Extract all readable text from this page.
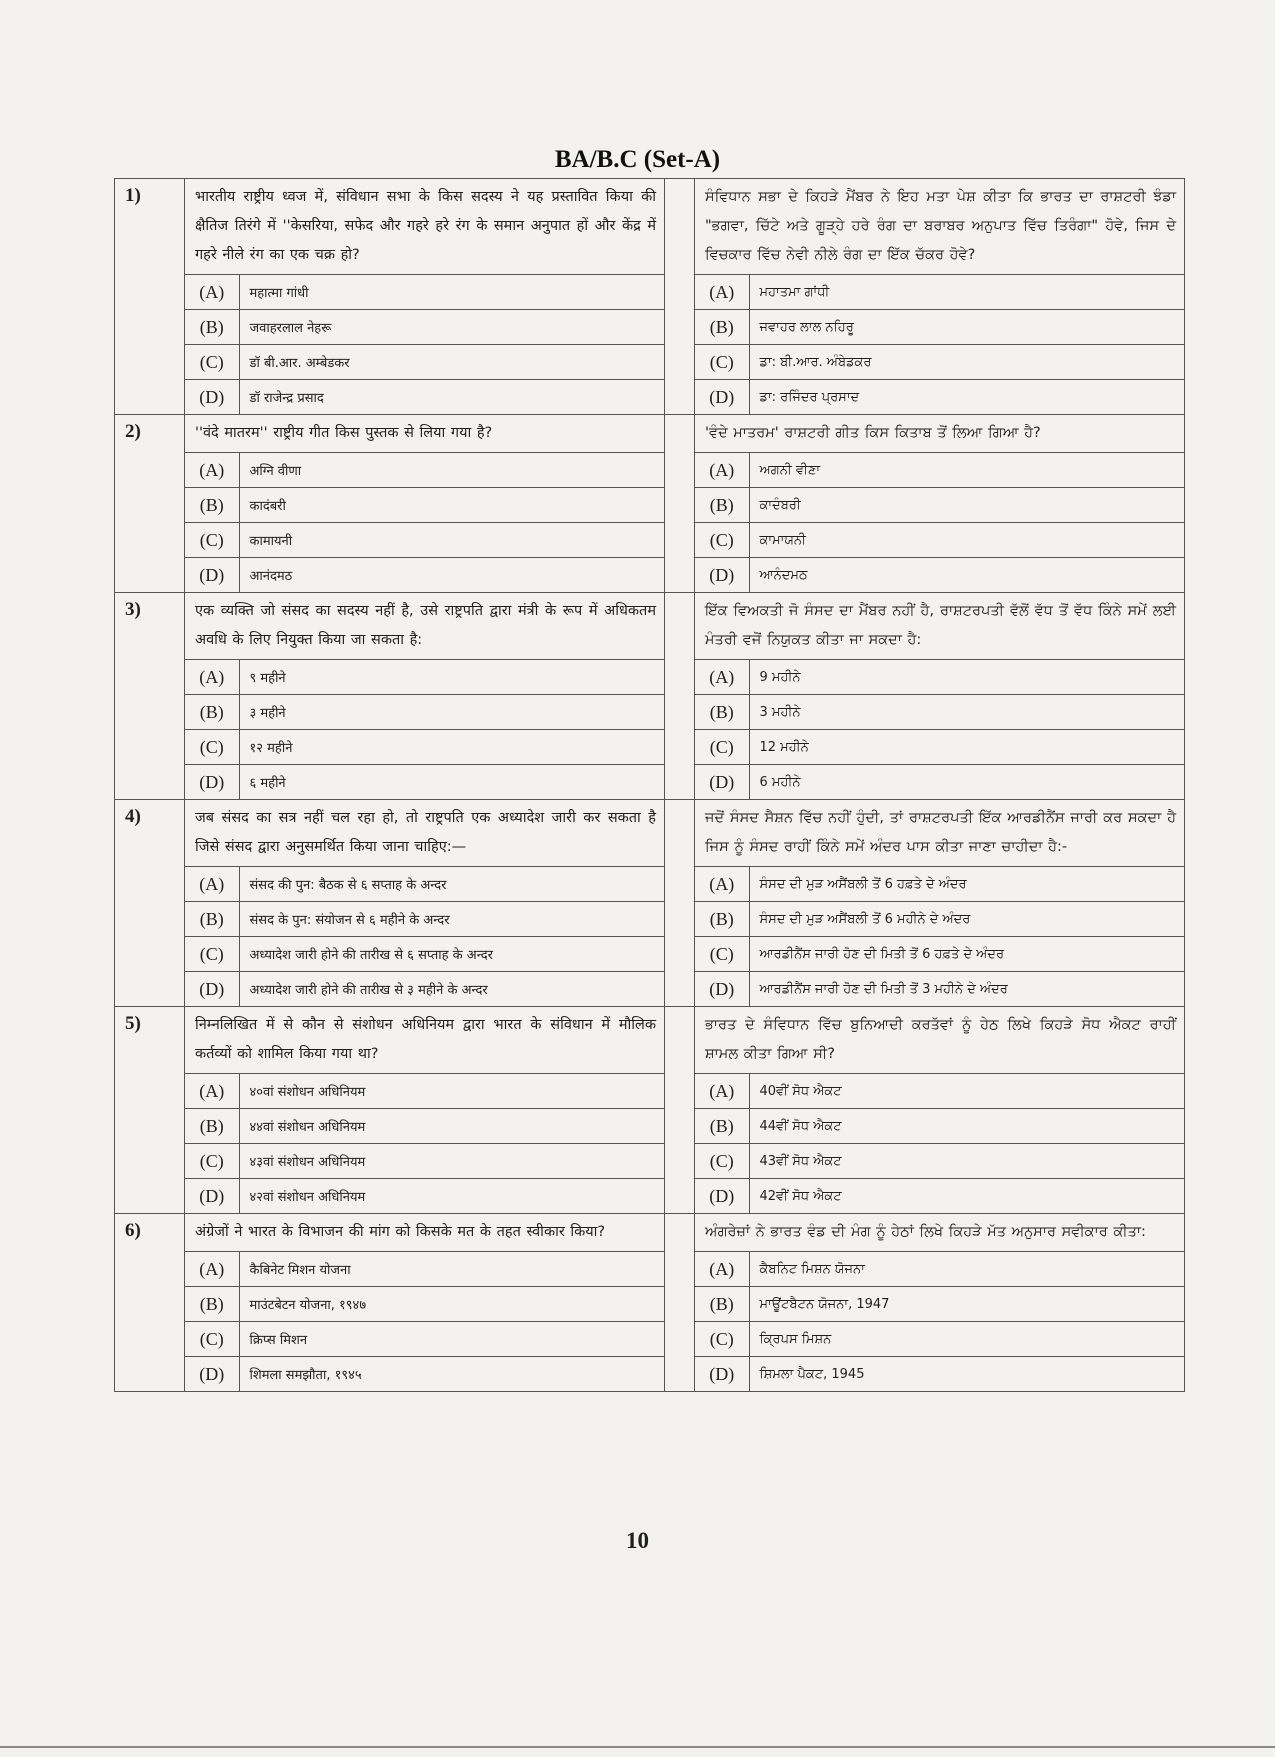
BA/B.C (Set-A)
1)	भारतीय राष्ट्रीय ध्वज में, संविधान सभा के किस सदस्य ने यह प्रस्तावित किया की क्षैतिज तिरंगे में ''केसरिया, सफेद और गहरे हरे रंग के समान अनुपात हों और केंद्र में गहरे नीले रंग का एक चक्र हो?
(A)	महात्मा गांधी
(B)	जवाहरलाल नेहरू
(C)	डॉ बी.आर. अम्बेडकर
(D)	डॉ राजेन्द्र प्रसाद

ਸੰਵਿਧਾਨ ਸਭਾ ਦੇ ਕਿਹੜੇ ਮੈਂਬਰ ਨੇ ਇਹ ਮਤਾ ਪੇਸ਼ ਕੀਤਾ ਕਿ ਭਾਰਤ ਦਾ ਰਾਸ਼ਟਰੀ ਝੰਡਾ "ਭਗਵਾ, ਚਿੱਟੇ ਅਤੇ ਗੂੜ੍ਹੇ ਹਰੇ ਰੰਗ ਦਾ ਬਰਾਬਰ ਅਨੁਪਾਤ ਵਿੱਚ ਤਿਰੰਗਾ" ਹੋਵੇ, ਜਿਸ ਦੇ ਵਿਚਕਾਰ ਵਿੱਚ ਨੇਵੀ ਨੀਲੇ ਰੰਗ ਦਾ ਇੱਕ ਚੱਕਰ ਹੋਵੇ?
(A)	ਮਹਾਤਮਾ ਗਾਂਧੀ
(B)	ਜਵਾਹਰ ਲਾਲ ਨਹਿਰੂ
(C)	ਡਾ: ਬੀ.ਆਰ. ਅੰਬੇਡਕਰ
(D)	ਡਾ: ਰਜਿੰਦਰ ਪ੍ਰਸਾਦ

2)	''वंदे मातरम'' राष्ट्रीय गीत किस पुस्तक से लिया गया है?
(A)	अग्नि वीणा
(B)	कादंबरी
(C)	कामायनी
(D)	आनंदमठ

'ਵੰਦੇ ਮਾਤਰਮ' ਰਾਸ਼ਟਰੀ ਗੀਤ ਕਿਸ ਕਿਤਾਬ ਤੋਂ ਲਿਆ ਗਿਆ ਹੈ?
(A)	ਅਗਨੀ ਵੀਣਾ
(B)	ਕਾਦੰਬਰੀ
(C)	ਕਾਮਾਯਨੀ
(D)	ਆਨੰਦਮਠ

3)	एक व्यक्ति जो संसद का सदस्य नहीं है, उसे राष्ट्रपति द्वारा मंत्री के रूप में अधिकतम अवधि के लिए नियुक्त किया जा सकता है:
(A)	९ महीने
(B)	३ महीने
(C)	१२ महीने
(D)	६ महीने

ਇੱਕ ਵਿਅਕਤੀ ਜੋ ਸੰਸਦ ਦਾ ਮੈਂਬਰ ਨਹੀਂ ਹੈ, ਰਾਸ਼ਟਰਪਤੀ ਵੱਲੋਂ ਵੱਧ ਤੋਂ ਵੱਧ ਕਿੰਨੇ ਸਮੇਂ ਲਈ ਮੰਤਰੀ ਵਜੋਂ ਨਿਯੁਕਤ ਕੀਤਾ ਜਾ ਸਕਦਾ ਹੈ:
(A)	9 ਮਹੀਨੇ
(B)	3 ਮਹੀਨੇ
(C)	12 ਮਹੀਨੇ
(D)	6 ਮਹੀਨੇ

4)	जब संसद का सत्र नहीं चल रहा हो, तो राष्ट्रपति एक अध्यादेश जारी कर सकता है जिसे संसद द्वारा अनुसमर्थित किया जाना चाहिए:—
(A)	संसद की पुन: बैठक से ६ सप्ताह के अन्दर
(B)	संसद के पुन: संयोजन से ६ महीने के अन्दर
(C)	अध्यादेश जारी होने की तारीख से ६ सप्ताह के अन्दर
(D)	अध्यादेश जारी होने की तारीख से ३ महीने के अन्दर

ਜਦੋਂ ਸੰਸਦ ਸੈਸ਼ਨ ਵਿੱਚ ਨਹੀਂ ਹੁੰਦੀ, ਤਾਂ ਰਾਸ਼ਟਰਪਤੀ ਇੱਕ ਆਰਡੀਨੈਂਸ ਜਾਰੀ ਕਰ ਸਕਦਾ ਹੈ ਜਿਸ ਨੂੰ ਸੰਸਦ ਰਾਹੀਂ ਕਿੰਨੇ ਸਮੇਂ ਅੰਦਰ ਪਾਸ ਕੀਤਾ ਜਾਣਾ ਚਾਹੀਦਾ ਹੈ:-
(A)	ਸੰਸਦ ਦੀ ਮੁੜ ਅਸੈਂਬਲੀ ਤੋਂ 6 ਹਫ਼ਤੇ ਦੇ ਅੰਦਰ
(B)	ਸੰਸਦ ਦੀ ਮੁੜ ਅਸੈਂਬਲੀ ਤੋਂ 6 ਮਹੀਨੇ ਦੇ ਅੰਦਰ
(C)	ਆਰਡੀਨੈਂਸ ਜਾਰੀ ਹੋਣ ਦੀ ਮਿਤੀ ਤੋਂ 6 ਹਫ਼ਤੇ ਦੇ ਅੰਦਰ
(D)	ਆਰਡੀਨੈਂਸ ਜਾਰੀ ਹੋਣ ਦੀ ਮਿਤੀ ਤੋਂ 3 ਮਹੀਨੇ ਦੇ ਅੰਦਰ

5)	निम्नलिखित में से कौन से संशोधन अधिनियम द्वारा भारत के संविधान में मौलिक कर्तव्यों को शामिल किया गया था?
(A)	४०वां संशोधन अधिनियम
(B)	४४वां संशोधन अधिनियम
(C)	४३वां संशोधन अधिनियम
(D)	४२वां संशोधन अधिनियम

ਭਾਰਤ ਦੇ ਸੰਵਿਧਾਨ ਵਿੱਚ ਬੁਨਿਆਦੀ ਕਰਤੱਵਾਂ ਨੂੰ ਹੇਠ ਲਿਖੇ ਕਿਹੜੇ ਸੋਧ ਐਕਟ ਰਾਹੀਂ ਸ਼ਾਮਲ ਕੀਤਾ ਗਿਆ ਸੀ?
(A)	40ਵੀਂ ਸੋਧ ਐਕਟ
(B)	44ਵੀਂ ਸੋਧ ਐਕਟ
(C)	43ਵੀਂ ਸੋਧ ਐਕਟ
(D)	42ਵੀਂ ਸੋਧ ਐਕਟ

6)	अंग्रेजों ने भारत के विभाजन की मांग को किसके मत के तहत स्वीकार किया?
(A)	कैबिनेट मिशन योजना
(B)	माउंटबेटन योजना, १९४७
(C)	क्रिप्स मिशन
(D)	शिमला समझौता, १९४५

ਅੰਗਰੇਜ਼ਾਂ ਨੇ ਭਾਰਤ ਵੰਡ ਦੀ ਮੰਗ ਨੂੰ ਹੇਠਾਂ ਲਿਖੇ ਕਿਹੜੇ ਮੱਤ ਅਨੁਸਾਰ ਸਵੀਕਾਰ ਕੀਤਾ:
(A)	ਕੈਬਨਿਟ ਮਿਸ਼ਨ ਯੋਜਨਾ
(B)	ਮਾਊਂਟਬੈਟਨ ਯੋਜਨਾ, 1947
(C)	ਕ੍ਰਿਪਸ ਮਿਸ਼ਨ
(D)	ਸ਼ਿਮਲਾ ਪੈਕਟ, 1945
10
